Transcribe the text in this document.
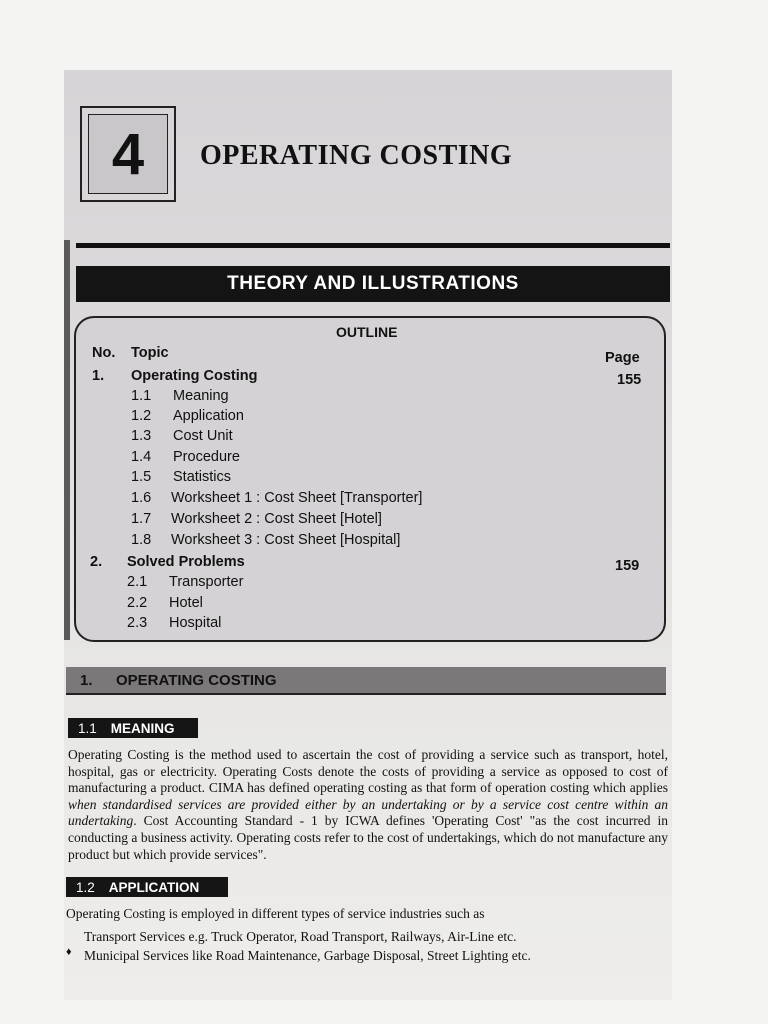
4	OPERATING COSTING
THEORY AND ILLUSTRATIONS
OUTLINE
No. Topic	Page
1. Operating Costing	155
1.1 Meaning
1.2 Application
1.3 Cost Unit
1.4 Procedure
1.5 Statistics
1.6 Worksheet 1 : Cost Sheet [Transporter]
1.7 Worksheet 2 : Cost Sheet [Hotel]
1.8 Worksheet 3 : Cost Sheet [Hospital]
2. Solved Problems	159
2.1 Transporter
2.2 Hotel
2.3 Hospital
1.	OPERATING COSTING
1.1 MEANING
Operating Costing is the method used to ascertain the cost of providing a service such as transport, hotel, hospital, gas or electricity. Operating Costs denote the costs of providing a service as opposed to cost of manufacturing a product. CIMA has defined operating costing as that form of operation costing which applies when standardised services are provided either by an undertaking or by a service cost centre within an undertaking. Cost Accounting Standard - 1 by ICWA defines 'Operating Cost' "as the cost incurred in conducting a business activity. Operating costs refer to the cost of undertakings, which do not manufacture any product but which provide services".
1.2 APPLICATION
Operating Costing is employed in different types of service industries such as
Transport Services e.g. Truck Operator, Road Transport, Railways, Air-Line etc.
♦ Municipal Services like Road Maintenance, Garbage Disposal, Street Lighting etc.
